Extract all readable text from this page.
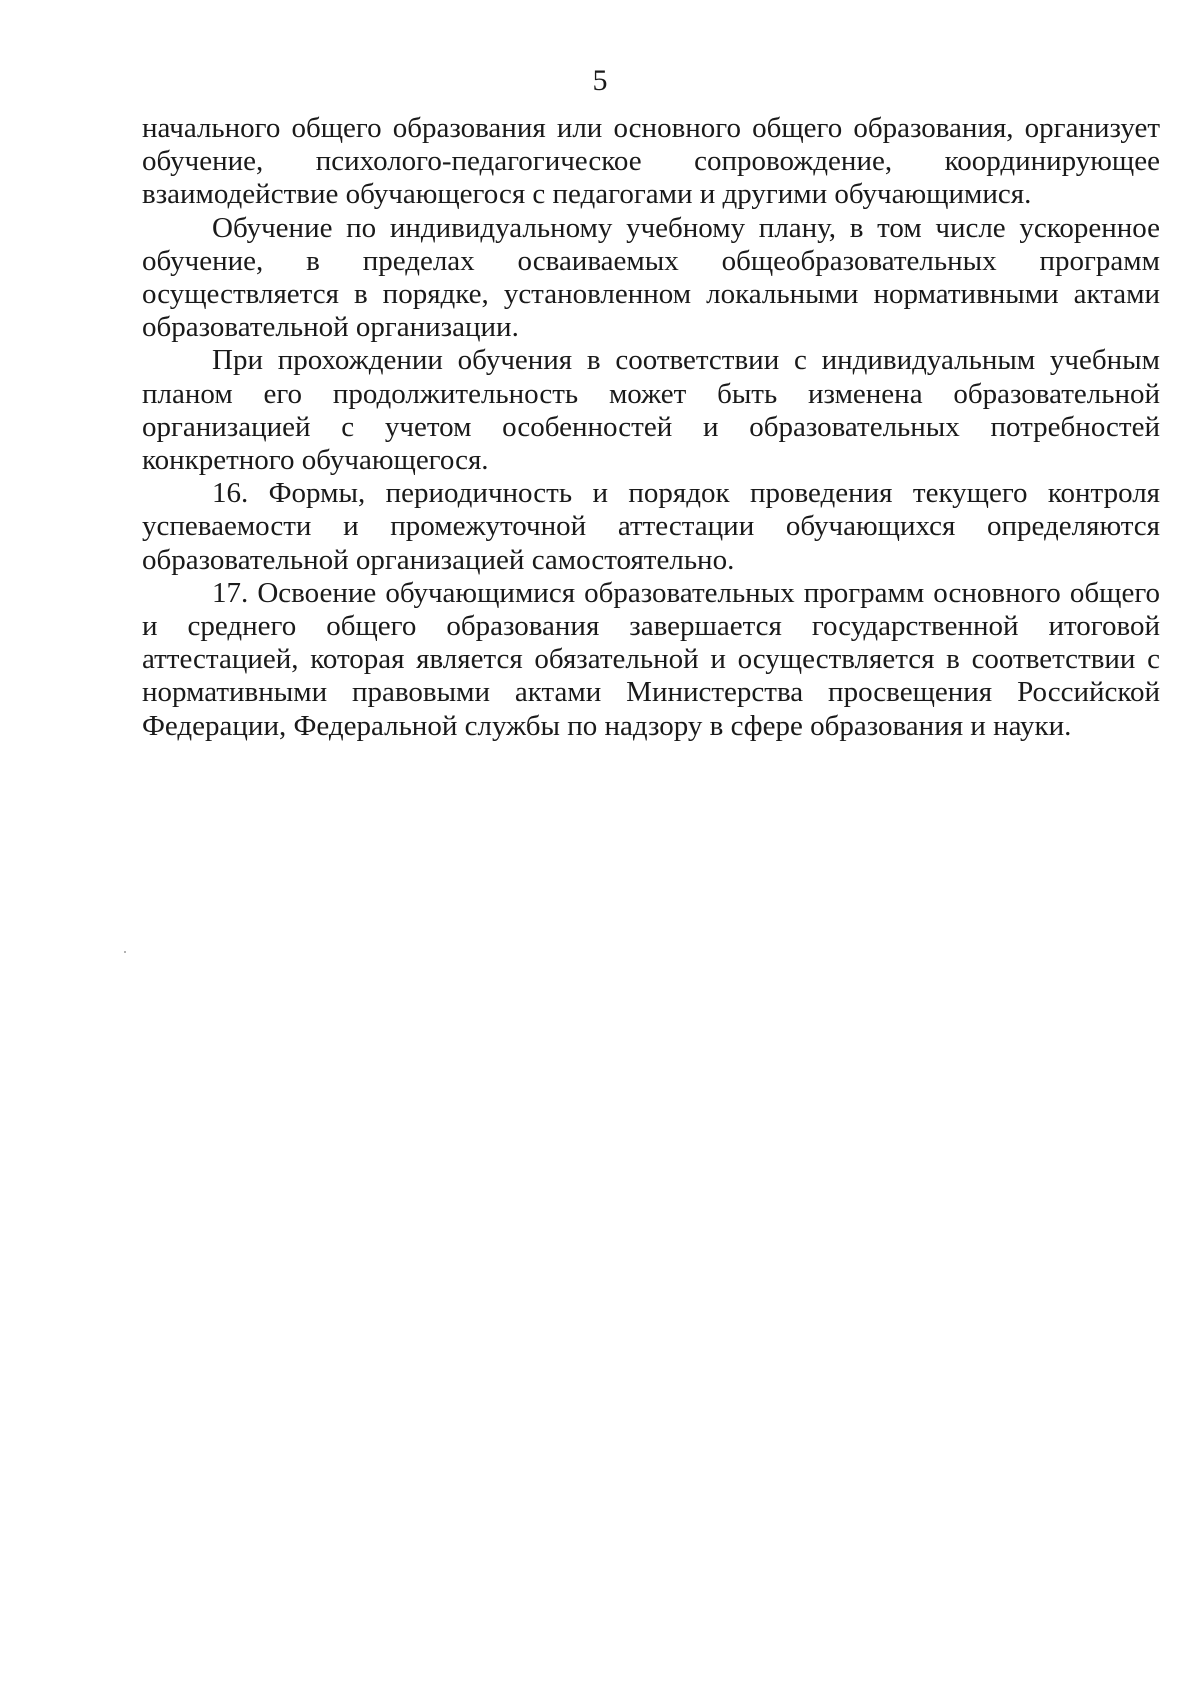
5

начального общего образования или основного общего образования, организует обучение, психолого-педагогическое сопровождение, координирующее взаимодействие обучающегося с педагогами и другими обучающимися.

Обучение по индивидуальному учебному плану, в том числе ускоренное обучение, в пределах осваиваемых общеобразовательных программ осуществляется в порядке, установленном локальными нормативными актами образовательной организации.

При прохождении обучения в соответствии с индивидуальным учебным планом его продолжительность может быть изменена образовательной организацией с учетом особенностей и образовательных потребностей конкретного обучающегося.

16. Формы, периодичность и порядок проведения текущего контроля успеваемости и промежуточной аттестации обучающихся определяются образовательной организацией самостоятельно.

17. Освоение обучающимися образовательных программ основного общего и среднего общего образования завершается государственной итоговой аттестацией, которая является обязательной и осуществляется в соответствии с нормативными правовыми актами Министерства просвещения Российской Федерации, Федеральной службы по надзору в сфере образования и науки.
